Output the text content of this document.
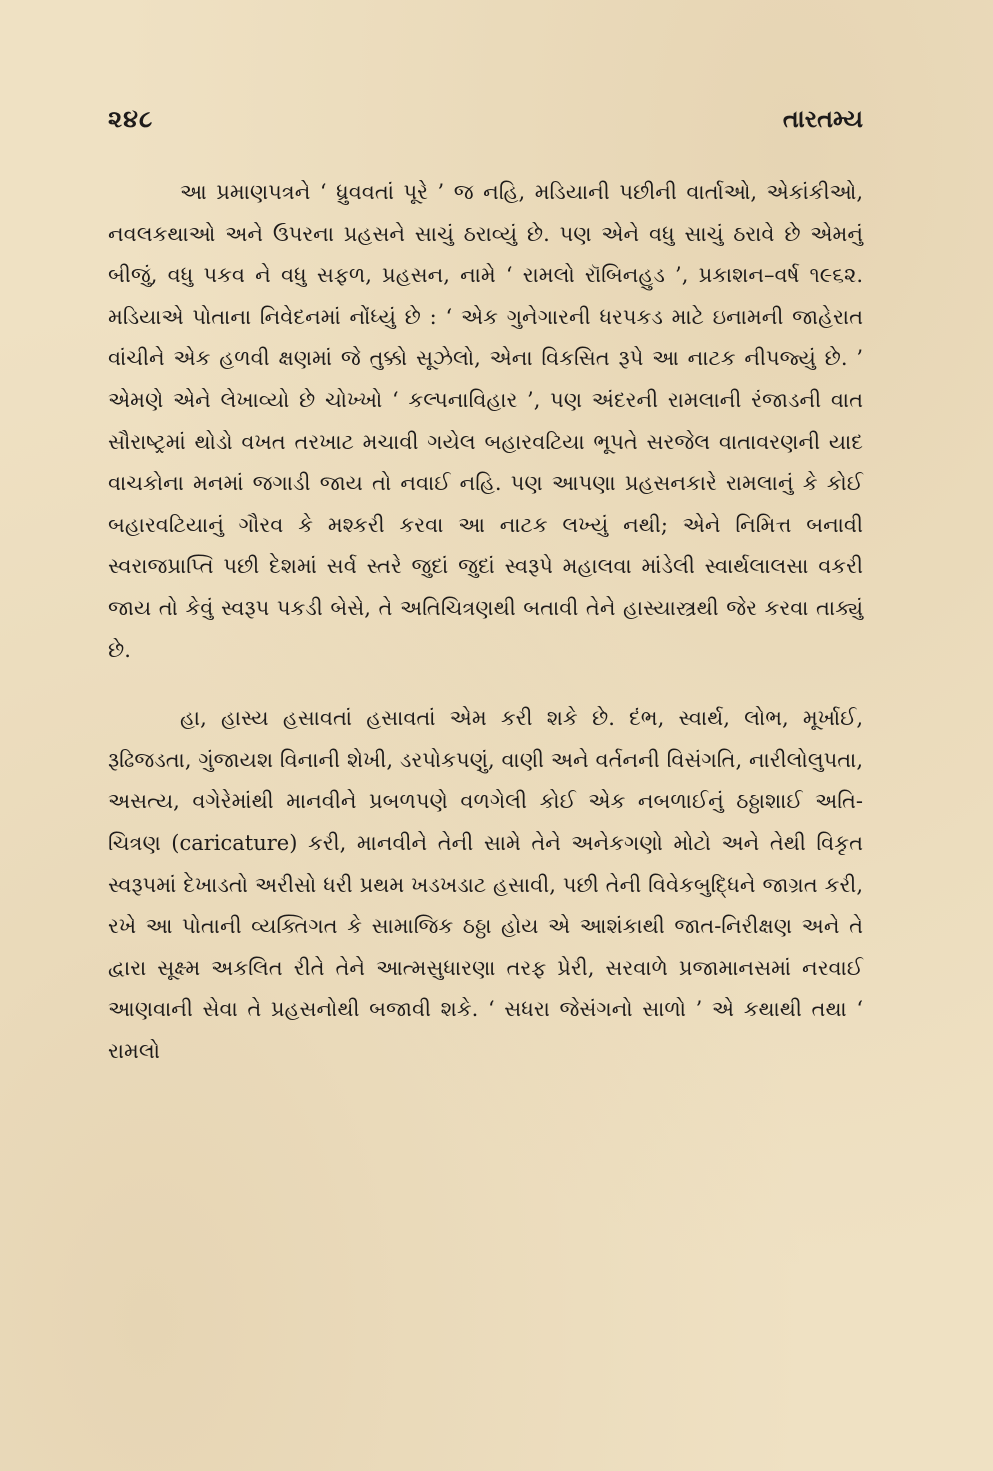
૨૪૮	તારતમ્ય

આ પ્રમાણપત્રને ‘ ધ્રુવવતાં પૂરે ’ જ નહિ, મડિયાની પછીની વાર્તાઓ, એકાંકીઓ, નવલકથાઓ અને ઉપરના પ્રહસને સાચું ઠરાવ્યું છે. પણ એને વધુ સાચું ઠરાવે છે એમનું બીજું, વધુ પકવ ને વધુ સફળ, પ્રહસન, નામે ‘ રામલો રૉબિનહુડ ’, પ્રકાશન–વર્ષ ૧૯૬૨. મડિયાએ પોતાના નિવેદનમાં નોંધ્યું છે : ‘ એક ગુનેગારની ધરપકડ માટે ઇનામની જાહેરાત વાંચીને એક હળવી ક્ષણમાં જે તુક્કો સૂઝેલો, એના વિકસિત રૂપે આ નાટક નીપજ્યું છે. ’ એમણે એને લેખાવ્યો છે ચોખ્ખો ‘ કલ્પનાવિહાર ’, પણ અંદરની રામલાની રંજાડની વાત સૌરાષ્ટ્રમાં થોડો વખત તરખાટ મચાવી ગયેલ બહારવટિયા ભૂપતે સરજેલ વાતાવરણની યાદ વાચકોના મનમાં જગાડી જાય તો નવાઈ નહિ. પણ આપણા પ્રહસનકારે રામલાનું કે કોઈ બહારવટિયાનું ગૌરવ કે મશ્કરી કરવા આ નાટક લખ્યું નથી; એને નિમિત્ત બનાવી સ્વરાજપ્રાપ્તિ પછી દેશમાં સર્વ સ્તરે જુદાં જુદાં સ્વરૂપે મહાલવા માંડેલી સ્વાર્થલાલસા વકરી જાય તો કેવું સ્વરૂપ પકડી બેસે, તે અતિચિત્રણથી બતાવી તેને હાસ્યાસ્ત્રથી જેર કરવા તાક્યું છે.

હા, હાસ્ય હસાવતાં હસાવતાં એમ કરી શકે છે. દંભ, સ્વાર્થ, લોભ, મૂર્ખાઈ, રૂઢિજડતા, ગુંજાયશ વિનાની શેખી, ડરપોકપણું, વાણી અને વર્તનની વિસંગતિ, નારીલોલુપતા, અસત્ય, વગેરેમાંથી માનવીને પ્રબળપણે વળગેલી કોઈ એક નબળાઈનું ઠઠ્ઠાશાઈ અતિ-ચિત્રણ (caricature) કરી, માનવીને તેની સામે તેને અનેકગણો મોટો અને તેથી વિકૃત સ્વરૂપમાં દેખાડતો અરીસો ધરી પ્રથમ ખડખડાટ હસાવી, પછી તેની વિવેકબુદ્ધિને જાગ્રત કરી, રખે આ પોતાની વ્યક્તિગત કે સામાજિક ઠઠ્ઠા હોય એ આશંકાથી જાત-નિરીક્ષણ અને તે દ્વારા સૂક્ષ્મ અકલિત રીતે તેને આત્મસુધારણા તરફ પ્રેરી, સરવાળે પ્રજામાનસમાં નરવાઈ આણવાની સેવા તે પ્રહસનોથી બજાવી શકે. ‘ સધરા જેસંગનો સાળો ’ એ કથાથી તથા ‘ રામલો
